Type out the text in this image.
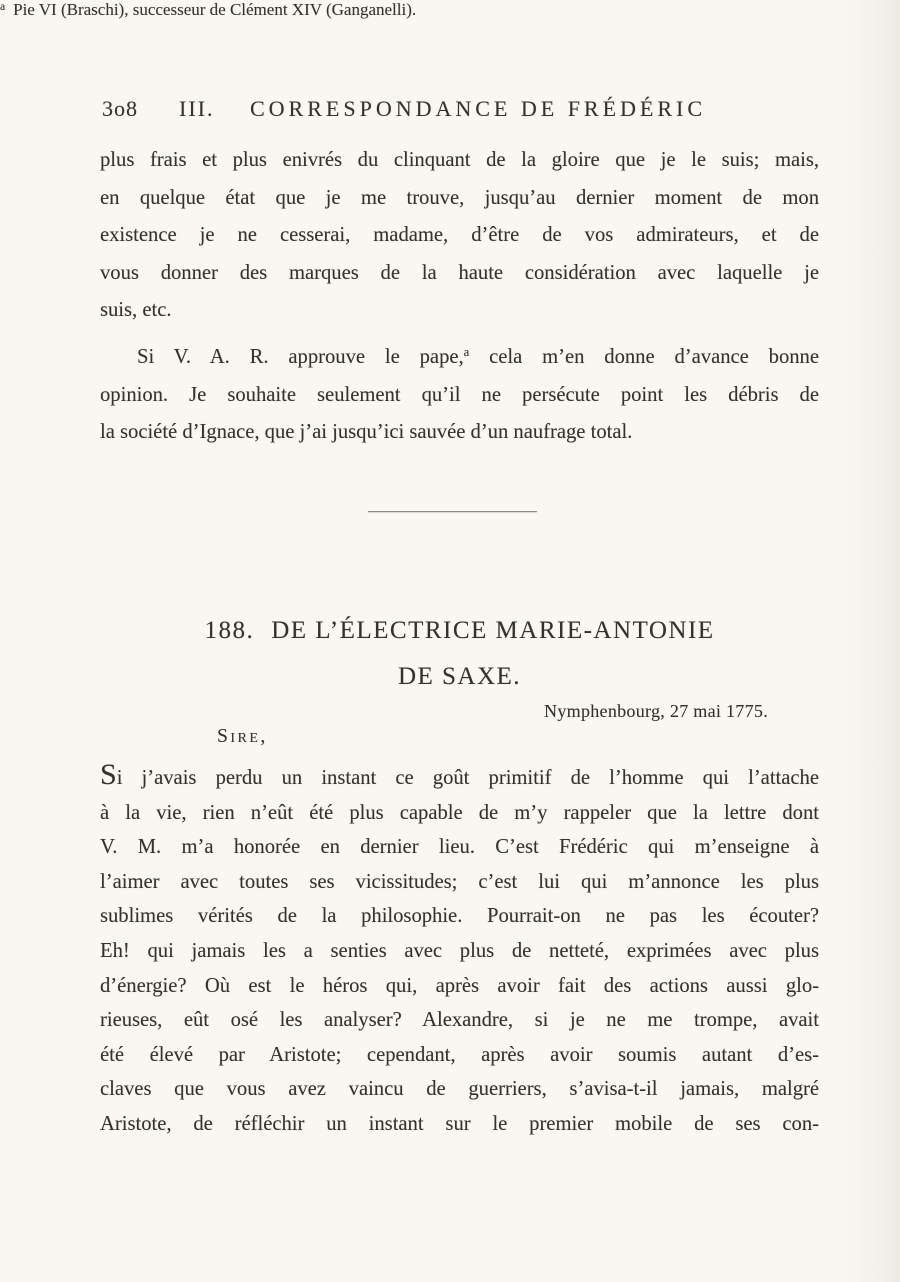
3o8 III. CORRESPONDANCE DE FRÉDÉRIC
plus frais et plus enivrés du clinquant de la gloire que je le suis; mais,
en quelque état que je me trouve, jusqu’au dernier moment de mon
existence je ne cesserai, madame, d’être de vos admirateurs, et de
vous donner des marques de la haute considération avec laquelle je
suis, etc.
Si V. A. R. approuve le pape,$^a$ cela m’en donne d’avance bonne
opinion. Je souhaite seulement qu’il ne persécute point les débris de
la société d’Ignace, que j’ai jusqu’ici sauvée d’un naufrage total.
188. DE L’ÉLECTRICE MARIE-ANTONIE
DE SAXE.
Nymphenbourg, 27 mai 1775.
Sire,
Si j’avais perdu un instant ce goût primitif de l’homme qui l’attache
à la vie, rien n’eût été plus capable de m’y rappeler que la lettre dont
V. M. m’a honorée en dernier lieu. C’est Frédéric qui m’enseigne à
l’aimer avec toutes ses vicissitudes; c’est lui qui m’annonce les plus
sublimes vérités de la philosophie. Pourrait-on ne pas les écouter?
Eh! qui jamais les a senties avec plus de netteté, exprimées avec plus
d’énergie? Où est le héros qui, après avoir fait des actions aussi glo-
rieuses, eût osé les analyser? Alexandre, si je ne me trompe, avait
été élevé par Aristote; cependant, après avoir soumis autant d’es-
claves que vous avez vaincu de guerriers, s’avisa-t-il jamais, malgré
Aristote, de réfléchir un instant sur le premier mobile de ses con-
$^a$ Pie VI (Braschi), successeur de Clément XIV (Ganganelli).
